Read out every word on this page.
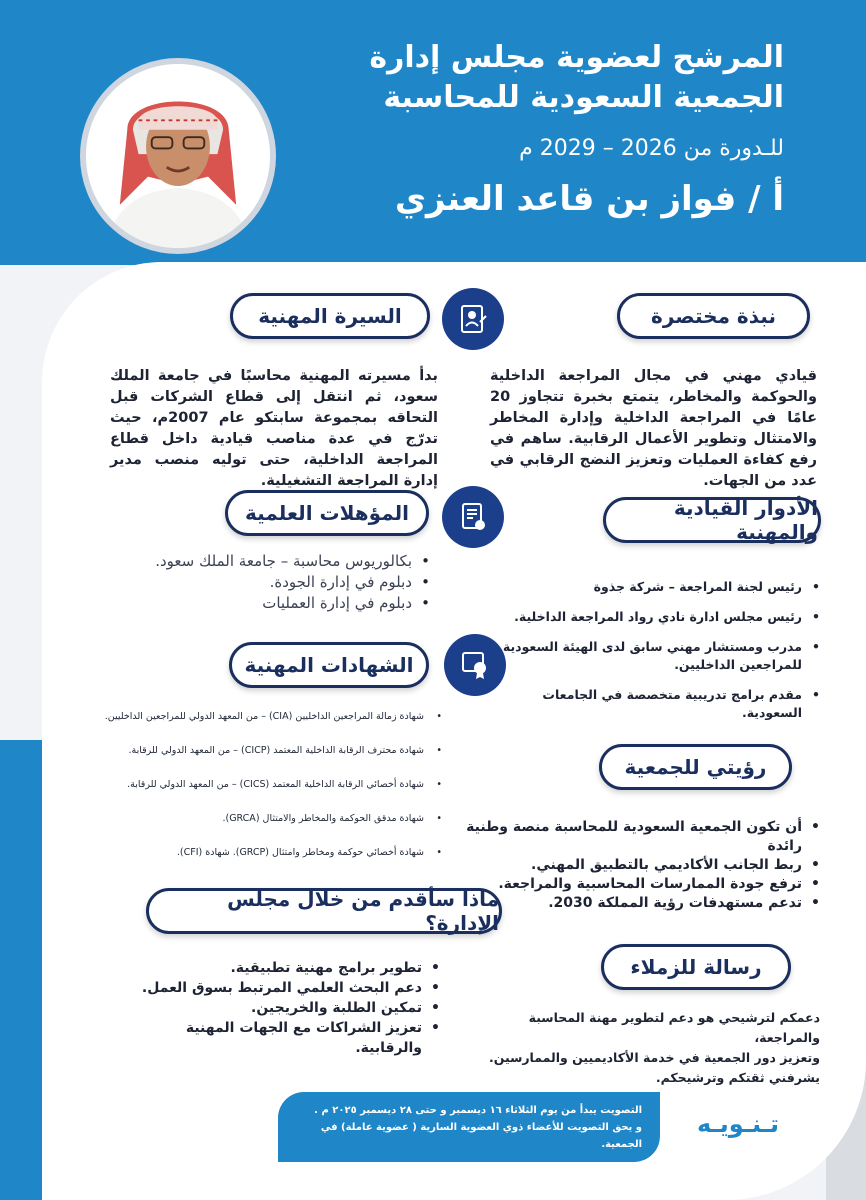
المرشح لعضوية مجلس إدارة
الجمعية السعودية للمحاسبة
للـدورة من 2026 – 2029 م
أ / فواز بن قاعد العنزي
نبذة مختصرة
قيادي مهني في مجال المراجعة الداخلية والحوكمة والمخاطر، يتمتع بخبرة تتجاوز 20 عامًا في المراجعة الداخلية وإدارة المخاطر والامتثال وتطوير الأعمال الرقابية. ساهم في رفع كفاءة العمليات وتعزيز النضج الرقابي في عدد من الجهات.
السيرة المهنية
بدأ مسيرته المهنية محاسبًا في جامعة الملك سعود، ثم انتقل إلى قطاع الشركات قبل التحاقه بمجموعة سابتكو عام 2007م، حيث تدرّج في عدة مناصب قيادية داخل قطاع المراجعة الداخلية، حتى توليه منصب مدير إدارة المراجعة التشغيلية.
الأدوار القيادية والمهنية
• رئيس لجنة المراجعة – شركة جذوة
• رئيس مجلس ادارة نادي رواد المراجعة الداخلية.
• مدرب ومستشار مهني سابق لدى الهيئة السعودية للمراجعين الداخليين.
• مقدم برامج تدريبية متخصصة في الجامعات السعودية.
المؤهلات العلمية
• بكالوريوس محاسبة – جامعة الملك سعود.
• دبلوم في إدارة الجودة.
• دبلوم في إدارة العمليات
الشهادات المهنية
• شهادة زمالة المراجعين الداخليين (CIA) – من المعهد الدولي للمراجعين الداخليين.
• شهادة محترف الرقابة الداخلية المعتمد (CICP) – من المعهد الدولي للرقابة.
• شهادة أخصائي الرقابة الداخلية المعتمد (CICS) – من المعهد الدولي للرقابة.
• شهادة مدقق الحوكمة والمخاطر والامتثال (GRCA).
• شهادة أخصائي حوكمة ومخاطر وامتثال (GRCP). شهادة (CFI).
رؤيتي للجمعية
• أن تكون الجمعية السعودية للمحاسبة منصة وطنية رائدة
• ربط الجانب الأكاديمي بالتطبيق المهني.
• ترفع جودة الممارسات المحاسبية والمراجعة.
• تدعم مستهدفات رؤية المملكة 2030.
ماذا سأقدم من خلال مجلس الإدارة؟
• تطوير برامج مهنية تطبيقية.
• دعم البحث العلمي المرتبط بسوق العمل.
• تمكين الطلبة والخريجين.
• تعزيز الشراكات مع الجهات المهنية والرقابية.
رسالة للزملاء
دعمكم لترشيحي هو دعم لتطوير مهنة المحاسبة والمراجعة،
وتعزيز دور الجمعية في خدمة الأكاديميين والممارسين.
يشرفني ثقتكم وترشيحكم.
تـنـويـه
التصويت يبدأ من يوم الثلاثاء ١٦ ديسمبر و حتى ٢٨ ديسمبر ٢٠٢٥ م .
و يحق التصويت للأعضاء ذوي العضوية السارية ( عضوية عاملة) في الجمعية.
